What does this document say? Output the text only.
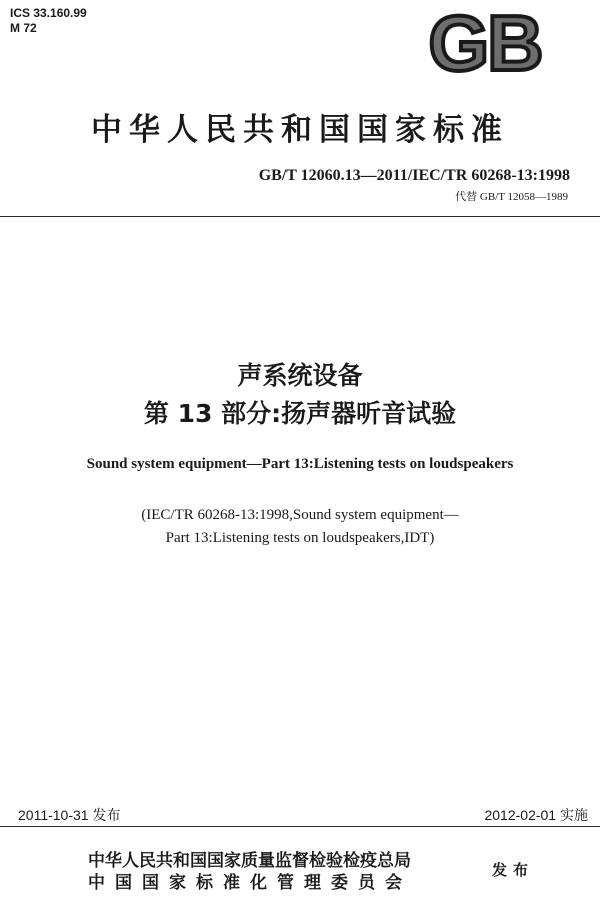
ICS 33.160.99
M 72	GB
中华人民共和国国家标准
GB/T 12060.13—2011/IEC/TR 60268-13:1998
代替 GB/T 12058—1989
声系统设备
第 13 部分:扬声器听音试验
Sound system equipment—Part 13:Listening tests on loudspeakers
(IEC/TR 60268-13:1998,Sound system equipment—
Part 13:Listening tests on loudspeakers,IDT)
2011-10-31 发布	2012-02-01 实施
中华人民共和国国家质量监督检验检疫总局
中国国家标准化管理委员会
发布
